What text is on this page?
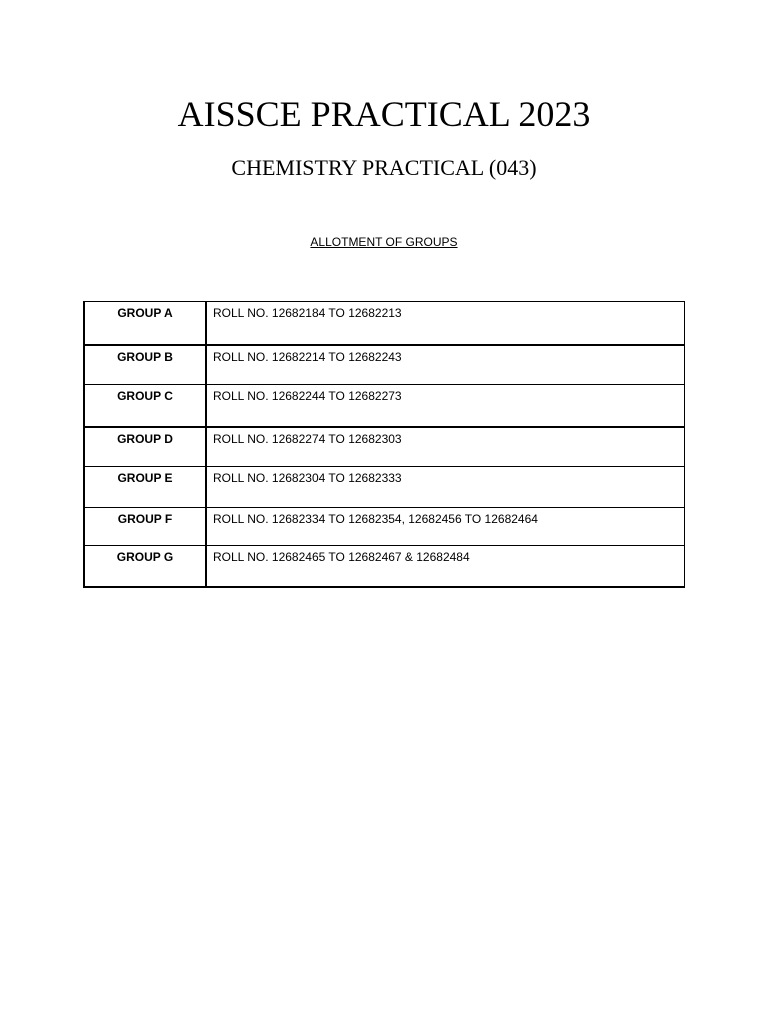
AISSCE PRACTICAL 2023
CHEMISTRY PRACTICAL (043)

ALLOTMENT OF GROUPS

GROUP A	ROLL NO. 12682184 TO 12682213
GROUP B	ROLL NO. 12682214 TO 12682243
GROUP C	ROLL NO. 12682244 TO 12682273
GROUP D	ROLL NO. 12682274 TO 12682303
GROUP E	ROLL NO. 12682304 TO 12682333
GROUP F	ROLL NO. 12682334 TO 12682354, 12682456 TO 12682464
GROUP G	ROLL NO. 12682465 TO 12682467 & 12682484
